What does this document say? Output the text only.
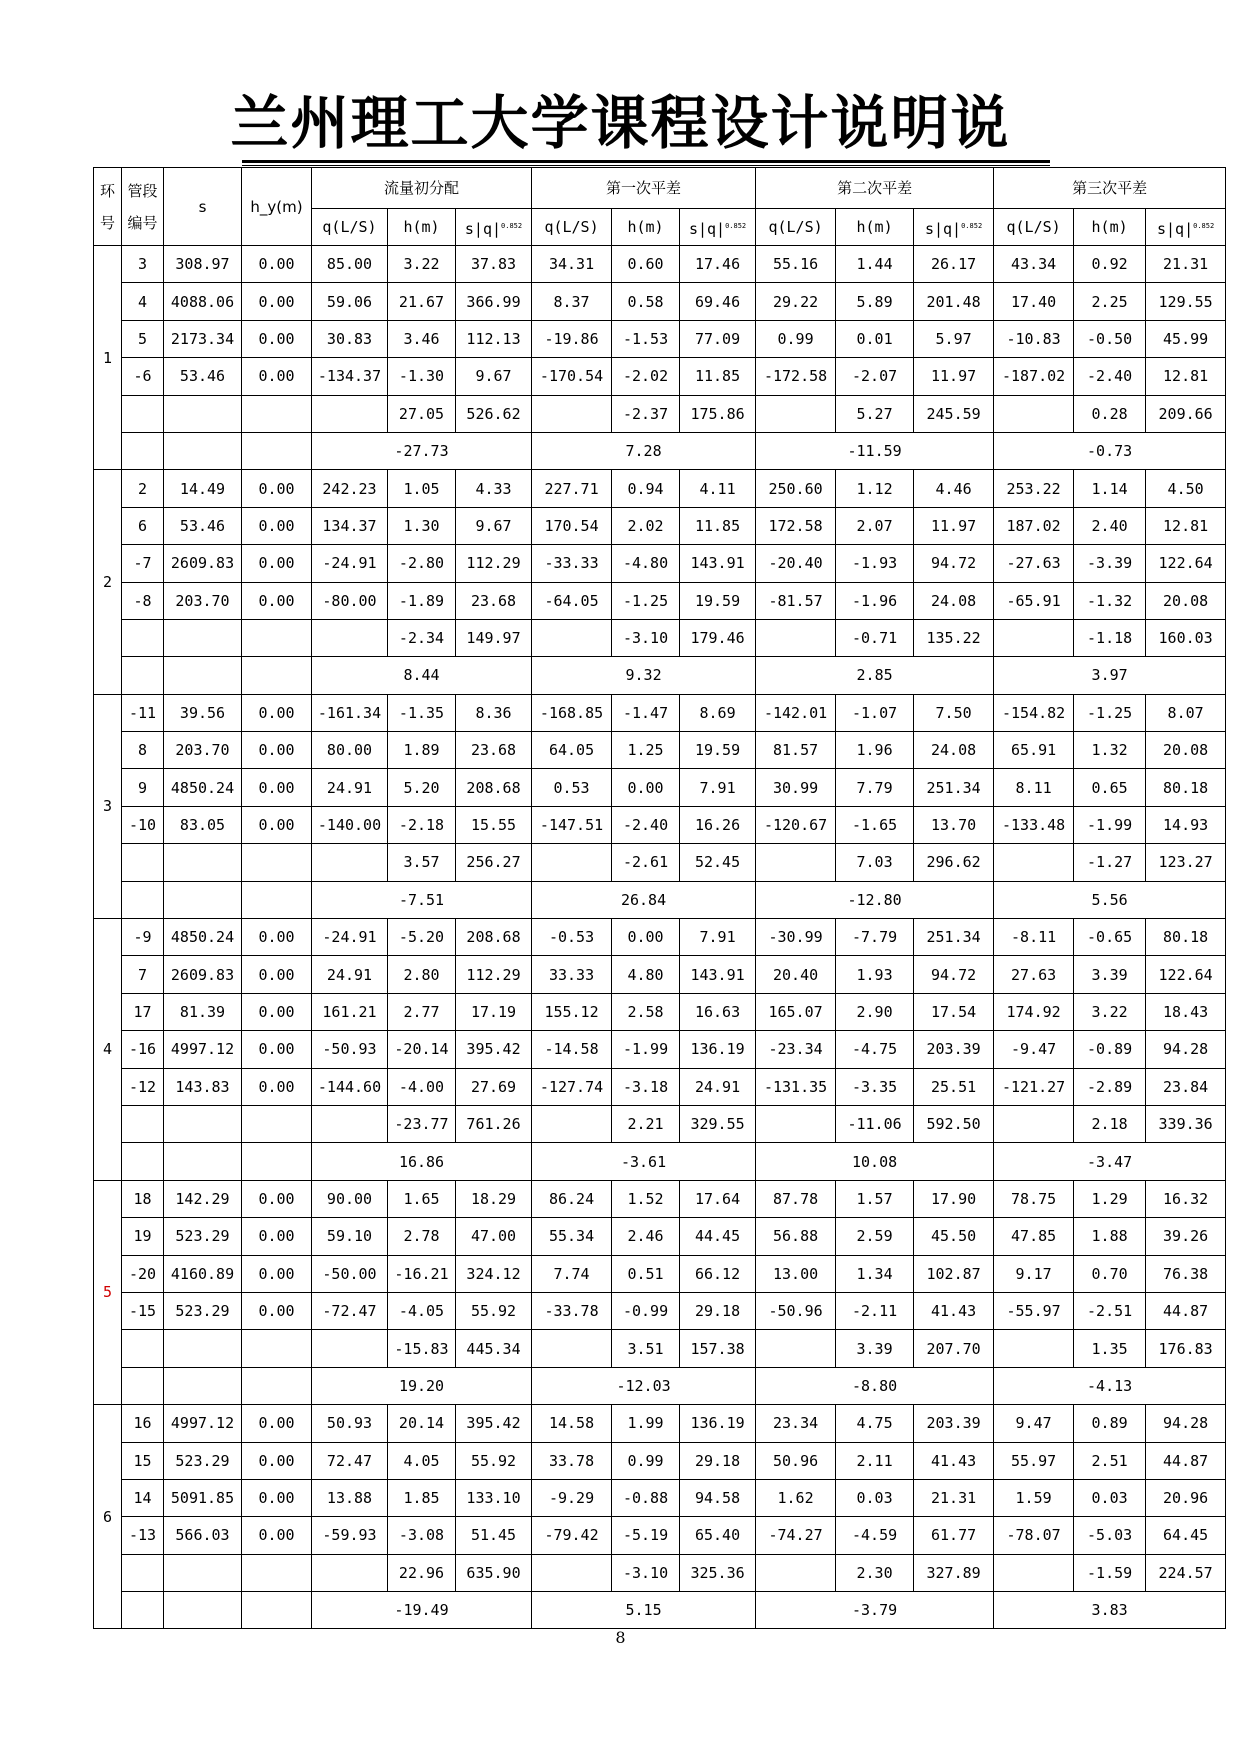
兰州理工大学课程设计说明说
环号	管段编号	s	h_y(m)	流量初分配			第一次平差			第二次平差			第三次平差		
				q(L/S)	h(m)	$s|q|^{0.852}$	q(L/S)	h(m)	$s|q|^{0.852}$	q(L/S)	h(m)	$s|q|^{0.852}$	q(L/S)	h(m)	$s|q|^{0.852}$
1	3	308.97	0.00	85.00	3.22	37.83	34.31	0.60	17.46	55.16	1.44	26.17	43.34	0.92	21.31
	4	4088.06	0.00	59.06	21.67	366.99	8.37	0.58	69.46	29.22	5.89	201.48	17.40	2.25	129.55
	5	2173.34	0.00	30.83	3.46	112.13	-19.86	-1.53	77.09	0.99	0.01	5.97	-10.83	-0.50	45.99
	-6	53.46	0.00	-134.37	-1.30	9.67	-170.54	-2.02	11.85	-172.58	-2.07	11.97	-187.02	-2.40	12.81
					27.05	526.62		-2.37	175.86		5.27	245.59		0.28	209.66
				-27.73			7.28			-11.59			-0.73		
2	2	14.49	0.00	242.23	1.05	4.33	227.71	0.94	4.11	250.60	1.12	4.46	253.22	1.14	4.50
	6	53.46	0.00	134.37	1.30	9.67	170.54	2.02	11.85	172.58	2.07	11.97	187.02	2.40	12.81
	-7	2609.83	0.00	-24.91	-2.80	112.29	-33.33	-4.80	143.91	-20.40	-1.93	94.72	-27.63	-3.39	122.64
	-8	203.70	0.00	-80.00	-1.89	23.68	-64.05	-1.25	19.59	-81.57	-1.96	24.08	-65.91	-1.32	20.08
					-2.34	149.97		-3.10	179.46		-0.71	135.22		-1.18	160.03
				8.44			9.32			2.85			3.97		
3	-11	39.56	0.00	-161.34	-1.35	8.36	-168.85	-1.47	8.69	-142.01	-1.07	7.50	-154.82	-1.25	8.07
	8	203.70	0.00	80.00	1.89	23.68	64.05	1.25	19.59	81.57	1.96	24.08	65.91	1.32	20.08
	9	4850.24	0.00	24.91	5.20	208.68	0.53	0.00	7.91	30.99	7.79	251.34	8.11	0.65	80.18
	-10	83.05	0.00	-140.00	-2.18	15.55	-147.51	-2.40	16.26	-120.67	-1.65	13.70	-133.48	-1.99	14.93
					3.57	256.27		-2.61	52.45		7.03	296.62		-1.27	123.27
				-7.51			26.84			-12.80			5.56		
4	-9	4850.24	0.00	-24.91	-5.20	208.68	-0.53	0.00	7.91	-30.99	-7.79	251.34	-8.11	-0.65	80.18
	7	2609.83	0.00	24.91	2.80	112.29	33.33	4.80	143.91	20.40	1.93	94.72	27.63	3.39	122.64
	17	81.39	0.00	161.21	2.77	17.19	155.12	2.58	16.63	165.07	2.90	17.54	174.92	3.22	18.43
	-16	4997.12	0.00	-50.93	-20.14	395.42	-14.58	-1.99	136.19	-23.34	-4.75	203.39	-9.47	-0.89	94.28
	-12	143.83	0.00	-144.60	-4.00	27.69	-127.74	-3.18	24.91	-131.35	-3.35	25.51	-121.27	-2.89	23.84
					-23.77	761.26		2.21	329.55		-11.06	592.50		2.18	339.36
				16.86			-3.61			10.08			-3.47		
5	18	142.29	0.00	90.00	1.65	18.29	86.24	1.52	17.64	87.78	1.57	17.90	78.75	1.29	16.32
	19	523.29	0.00	59.10	2.78	47.00	55.34	2.46	44.45	56.88	2.59	45.50	47.85	1.88	39.26
	-20	4160.89	0.00	-50.00	-16.21	324.12	7.74	0.51	66.12	13.00	1.34	102.87	9.17	0.70	76.38
	-15	523.29	0.00	-72.47	-4.05	55.92	-33.78	-0.99	29.18	-50.96	-2.11	41.43	-55.97	-2.51	44.87
					-15.83	445.34		3.51	157.38		3.39	207.70		1.35	176.83
				19.20			-12.03			-8.80			-4.13		
6	16	4997.12	0.00	50.93	20.14	395.42	14.58	1.99	136.19	23.34	4.75	203.39	9.47	0.89	94.28
	15	523.29	0.00	72.47	4.05	55.92	33.78	0.99	29.18	50.96	2.11	41.43	55.97	2.51	44.87
	14	5091.85	0.00	13.88	1.85	133.10	-9.29	-0.88	94.58	1.62	0.03	21.31	1.59	0.03	20.96
	-13	566.03	0.00	-59.93	-3.08	51.45	-79.42	-5.19	65.40	-74.27	-4.59	61.77	-78.07	-5.03	64.45
					22.96	635.90		-3.10	325.36		2.30	327.89		-1.59	224.57
				-19.49			5.15			-3.79			3.83		
8
